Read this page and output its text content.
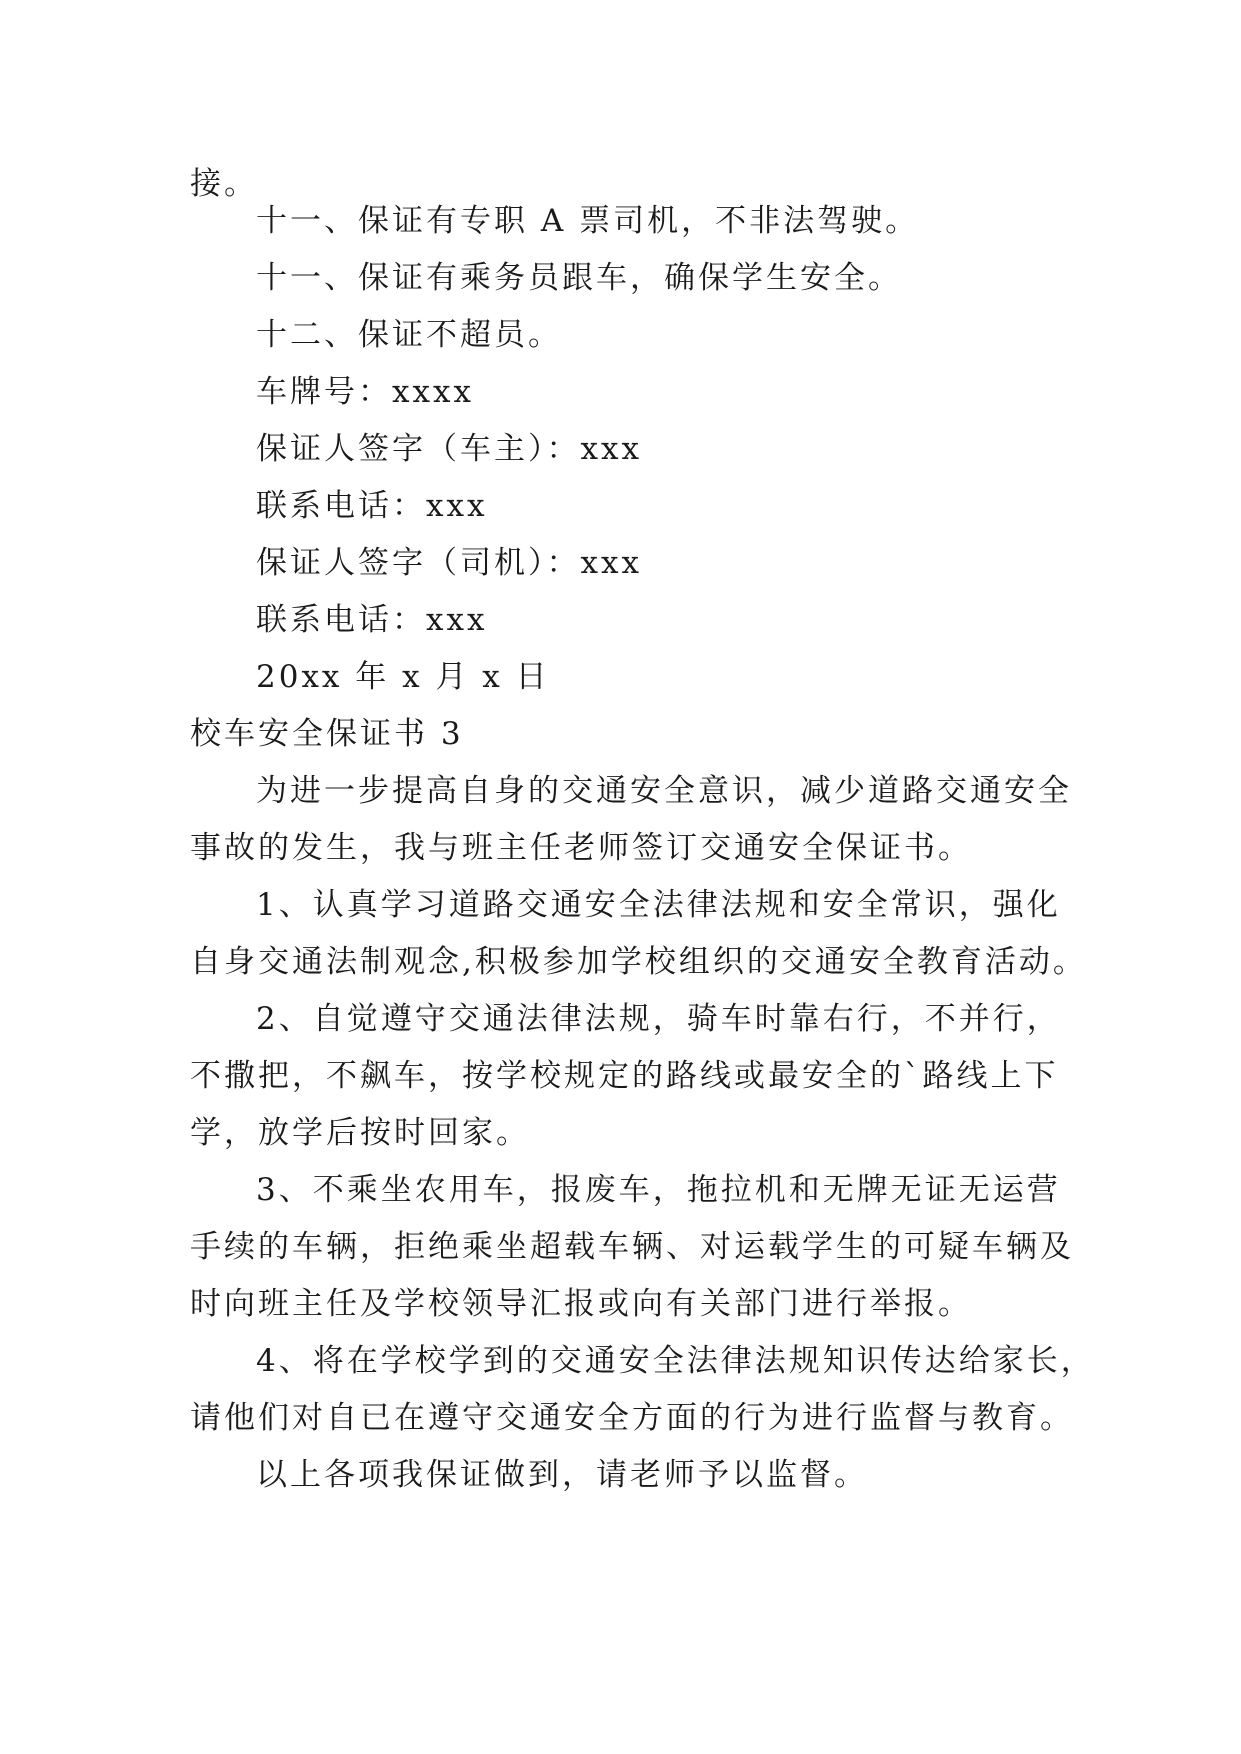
接。
十一、保证有专职 A 票司机，不非法驾驶。
十一、保证有乘务员跟车，确保学生安全。
十二、保证不超员。
车牌号：xxxx
保证人签字（车主）：xxx
联系电话：xxx
保证人签字（司机）：xxx
联系电话：xxx
20xx 年 x 月 x 日
校车安全保证书 3
为进一步提高自身的交通安全意识，减少道路交通安全
事故的发生，我与班主任老师签订交通安全保证书。
1、认真学习道路交通安全法律法规和安全常识，强化
自身交通法制观念,积极参加学校组织的交通安全教育活动。
2、自觉遵守交通法律法规，骑车时靠右行，不并行，
不撒把，不飙车，按学校规定的路线或最安全的`路线上下
学，放学后按时回家。
3、不乘坐农用车，报废车，拖拉机和无牌无证无运营
手续的车辆，拒绝乘坐超载车辆、对运载学生的可疑车辆及
时向班主任及学校领导汇报或向有关部门进行举报。
4、将在学校学到的交通安全法律法规知识传达给家长，
请他们对自已在遵守交通安全方面的行为进行监督与教育。
以上各项我保证做到，请老师予以监督。
